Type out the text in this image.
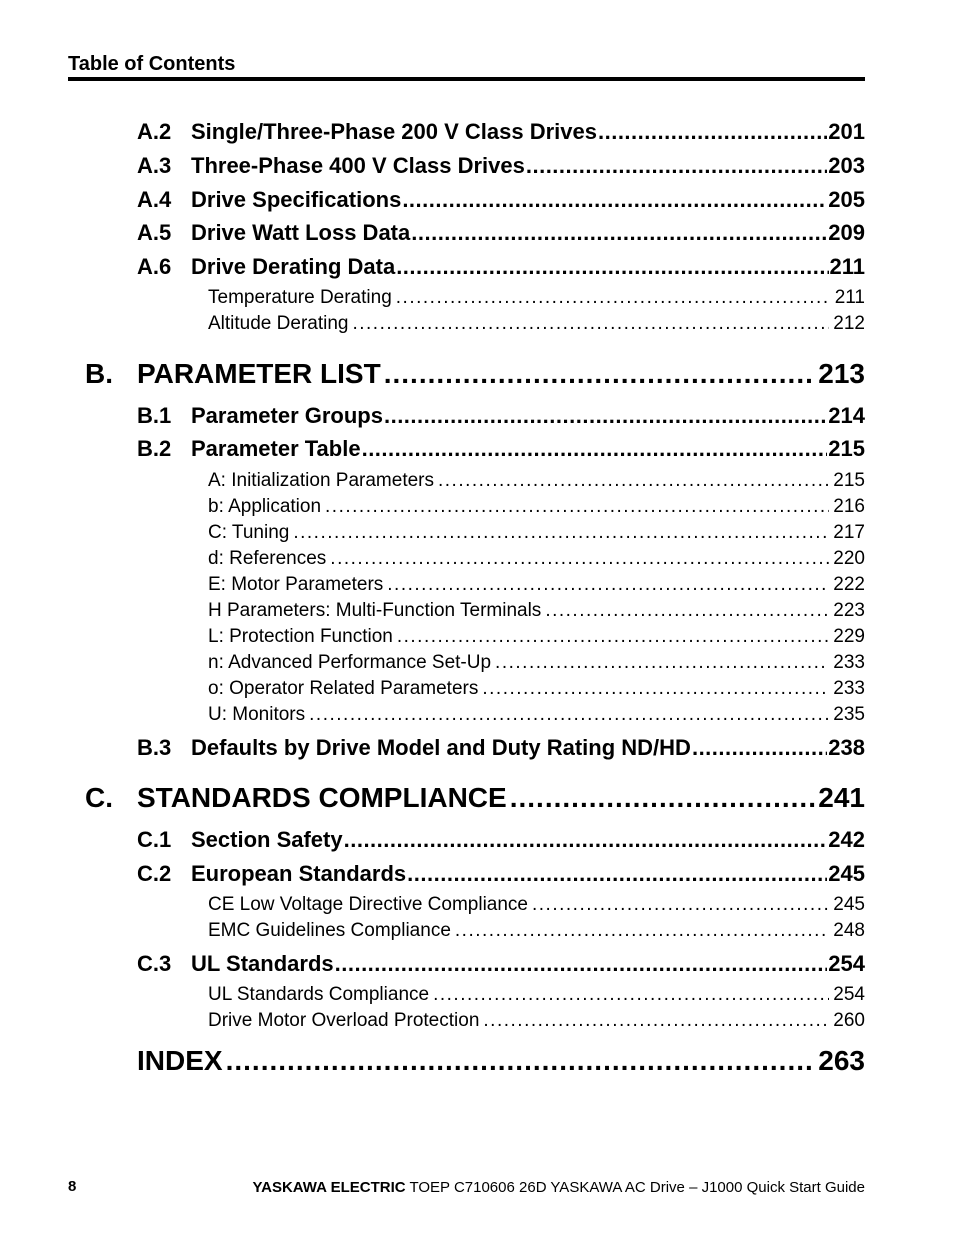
Table of Contents
A.2 Single/Three-Phase 200 V Class Drives .....	201
A.3 Three-Phase 400 V Class Drives .....	203
A.4 Drive Specifications .....	205
A.5 Drive Watt Loss Data .....	209
A.6 Drive Derating Data .....	211
Temperature Derating .....	211
Altitude Derating .....	212
B. PARAMETER LIST .....	213
B.1 Parameter Groups .....	214
B.2 Parameter Table .....	215
A: Initialization Parameters .....	215
b: Application .....	216
C: Tuning .....	217
d: References .....	220
E: Motor Parameters .....	222
H Parameters: Multi-Function Terminals .....	223
L: Protection Function .....	229
n: Advanced Performance Set-Up .....	233
o: Operator Related Parameters .....	233
U: Monitors .....	235
B.3 Defaults by Drive Model and Duty Rating ND/HD .....	238
C. STANDARDS COMPLIANCE .....	241
C.1 Section Safety .....	242
C.2 European Standards .....	245
CE Low Voltage Directive Compliance .....	245
EMC Guidelines Compliance .....	248
C.3 UL Standards .....	254
UL Standards Compliance .....	254
Drive Motor Overload Protection .....	260
INDEX .....	263
8	YASKAWA ELECTRIC TOEP C710606 26D YASKAWA AC Drive – J1000 Quick Start Guide
